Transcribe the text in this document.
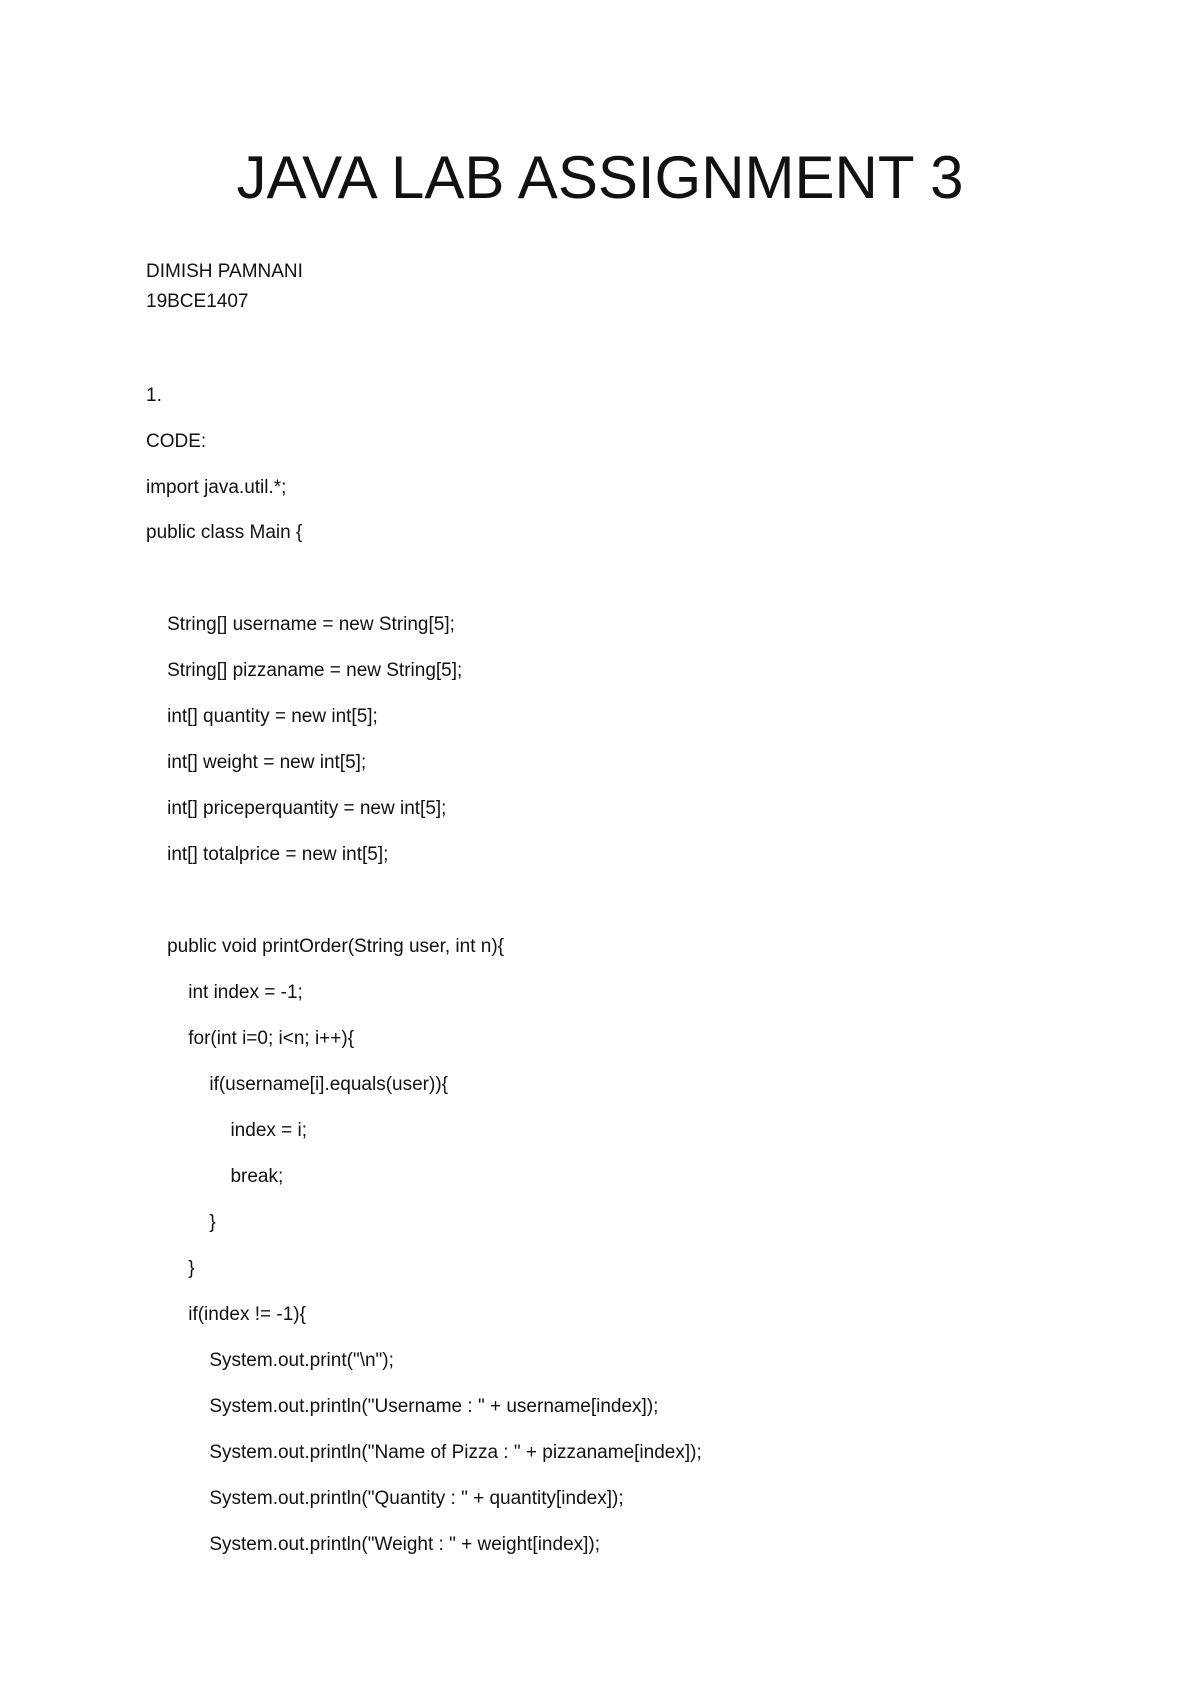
JAVA LAB ASSIGNMENT 3
DIMISH PAMNANI
19BCE1407
1.
CODE:
import java.util.*;
public class Main {
String[] username = new String[5];
String[] pizzaname = new String[5];
int[] quantity = new int[5];
int[] weight = new int[5];
int[] priceperquantity = new int[5];
int[] totalprice = new int[5];
public void printOrder(String user, int n){
int index = -1;
for(int i=0; i<n; i++){
if(username[i].equals(user)){
index = i;
break;
}
}
if(index != -1){
System.out.print("\n");
System.out.println("Username : " + username[index]);
System.out.println("Name of Pizza : " + pizzaname[index]);
System.out.println("Quantity : " + quantity[index]);
System.out.println("Weight : " + weight[index]);
